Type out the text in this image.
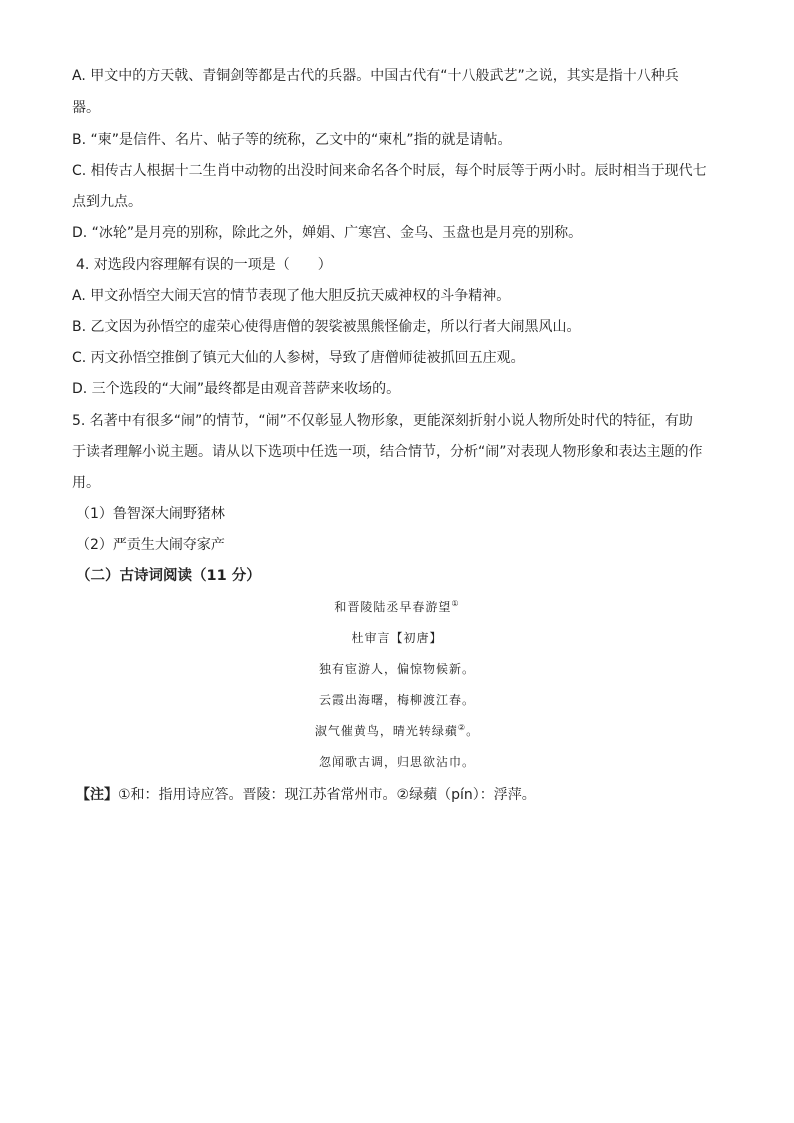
A. 甲文中的方天戟、青铜剑等都是古代的兵器。中国古代有“十八般武艺”之说，其实是指十八种兵
器。
B. “柬”是信件、名片、帖子等的统称，乙文中的“柬札”指的就是请帖。
C. 相传古人根据十二生肖中动物的出没时间来命名各个时辰，每个时辰等于两小时。辰时相当于现代七
点到九点。
D. “冰轮”是月亮的别称，除此之外，婵娟、广寒宫、金乌、玉盘也是月亮的别称。
4. 对选段内容理解有误的一项是（　　）
A. 甲文孙悟空大闹天宫的情节表现了他大胆反抗天威神权的斗争精神。
B. 乙文因为孙悟空的虚荣心使得唐僧的袈裟被黑熊怪偷走，所以行者大闹黑风山。
C. 丙文孙悟空推倒了镇元大仙的人参树，导致了唐僧师徒被抓回五庄观。
D. 三个选段的“大闹”最终都是由观音菩萨来收场的。
5. 名著中有很多“闹”的情节，“闹”不仅彰显人物形象，更能深刻折射小说人物所处时代的特征，有助
于读者理解小说主题。请从以下选项中任选一项，结合情节，分析“闹”对表现人物形象和表达主题的作
用。
（1）鲁智深大闹野猪林
（2）严贡生大闹夺家产
（二）古诗词阅读（11 分）
和晋陵陆丞早春游望①
杜审言【初唐】
独有宦游人，偏惊物候新。
云霞出海曙，梅柳渡江春。
淑气催黄鸟，晴光转绿蘋②。
忽闻歌古调，归思欲沾巾。
【注】①和：指用诗应答。晋陵：现江苏省常州市。②绿蘋（pín）：浮萍。
